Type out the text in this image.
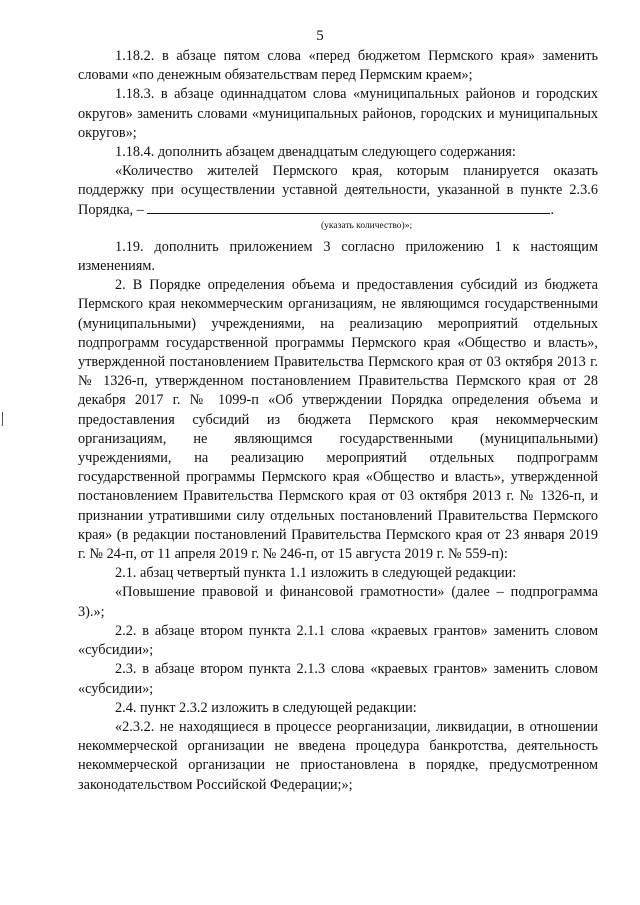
5

1.18.2. в абзаце пятом слова «перед бюджетом Пермского края» заменить словами «по денежным обязательствам перед Пермским краем»;

1.18.3. в абзаце одиннадцатом слова «муниципальных районов и городских округов» заменить словами «муниципальных районов, городских и муниципальных округов»;

1.18.4. дополнить абзацем двенадцатым следующего содержания:

«Количество жителей Пермского края, которым планируется оказать поддержку при осуществлении уставной деятельности, указанной в пункте 2.3.6 Порядка, –	.

(указать количество)»;

1.19. дополнить приложением 3 согласно приложению 1 к настоящим изменениям.

2. В Порядке определения объема и предоставления субсидий из бюджета Пермского края некоммерческим организациям, не являющимся государственными (муниципальными) учреждениями, на реализацию мероприятий отдельных подпрограмм государственной программы Пермского края «Общество и власть», утвержденной постановлением Правительства Пермского края от 03 октября 2013 г. № 1326-п, утвержденном постановлением Правительства Пермского края от 28 декабря 2017 г. № 1099-п «Об утверждении Порядка определения объема и предоставления субсидий из бюджета Пермского края некоммерческим организациям, не являющимся государственными (муниципальными) учреждениями, на реализацию мероприятий отдельных подпрограмм государственной программы Пермского края «Общество и власть», утвержденной постановлением Правительства Пермского края от 03 октября 2013 г. № 1326-п, и признании утратившими силу отдельных постановлений Правительства Пермского края» (в редакции постановлений Правительства Пермского края от 23 января 2019 г. № 24-п, от 11 апреля 2019 г. № 246-п, от 15 августа 2019 г. № 559-п):

2.1. абзац четвертый пункта 1.1 изложить в следующей редакции:

«Повышение правовой и финансовой грамотности» (далее – подпрограмма 3).»;

2.2. в абзаце втором пункта 2.1.1 слова «краевых грантов» заменить словом «субсидии»;

2.3. в абзаце втором пункта 2.1.3 слова «краевых грантов» заменить словом «субсидии»;

2.4. пункт 2.3.2 изложить в следующей редакции:

«2.3.2. не находящиеся в процессе реорганизации, ликвидации, в отношении некоммерческой организации не введена процедура банкротства, деятельность некоммерческой организации не приостановлена в порядке, предусмотренном законодательством Российской Федерации;»;
